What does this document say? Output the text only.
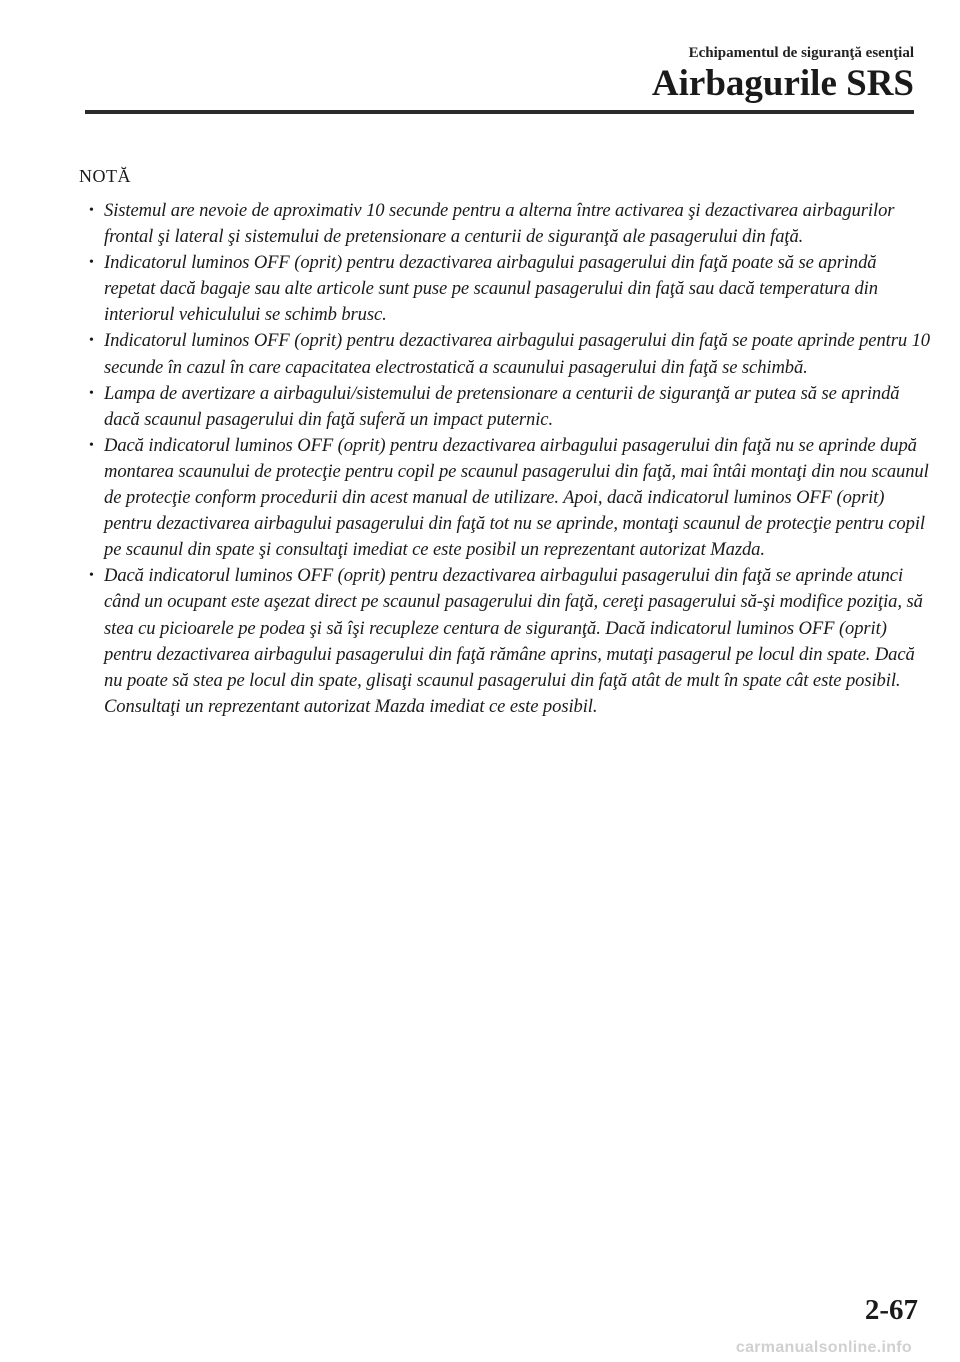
Echipamentul de siguranţă esenţial
Airbagurile SRS
NOTĂ
• Sistemul are nevoie de aproximativ 10 secunde pentru a alterna între activarea şi dezactivarea airbagurilor frontal şi lateral şi sistemului de pretensionare a centurii de siguranţă ale pasagerului din faţă.
• Indicatorul luminos OFF (oprit) pentru dezactivarea airbagului pasagerului din faţă poate să se aprindă repetat dacă bagaje sau alte articole sunt puse pe scaunul pasagerului din faţă sau dacă temperatura din interiorul vehiculului se schimb brusc.
• Indicatorul luminos OFF (oprit) pentru dezactivarea airbagului pasagerului din faţă se poate aprinde pentru 10 secunde în cazul în care capacitatea electrostatică a scaunului pasagerului din faţă se schimbă.
• Lampa de avertizare a airbagului/sistemului de pretensionare a centurii de siguranţă ar putea să se aprindă dacă scaunul pasagerului din faţă suferă un impact puternic.
• Dacă indicatorul luminos OFF (oprit) pentru dezactivarea airbagului pasagerului din faţă nu se aprinde după montarea scaunului de protecţie pentru copil pe scaunul pasagerului din faţă, mai întâi montaţi din nou scaunul de protecţie conform procedurii din acest manual de utilizare. Apoi, dacă indicatorul luminos OFF (oprit) pentru dezactivarea airbagului pasagerului din faţă tot nu se aprinde, montaţi scaunul de protecţie pentru copil pe scaunul din spate şi consultaţi imediat ce este posibil un reprezentant autorizat Mazda.
• Dacă indicatorul luminos OFF (oprit) pentru dezactivarea airbagului pasagerului din faţă se aprinde atunci când un ocupant este aşezat direct pe scaunul pasagerului din faţă, cereţi pasagerului să-şi modifice poziţia, să stea cu picioarele pe podea şi să îşi recupleze centura de siguranţă. Dacă indicatorul luminos OFF (oprit) pentru dezactivarea airbagului pasagerului din faţă rămâne aprins, mutaţi pasagerul pe locul din spate. Dacă nu poate să stea pe locul din spate, glisaţi scaunul pasagerului din faţă atât de mult în spate cât este posibil. Consultaţi un reprezentant autorizat Mazda imediat ce este posibil.
2-67
carmanualsonline.info
